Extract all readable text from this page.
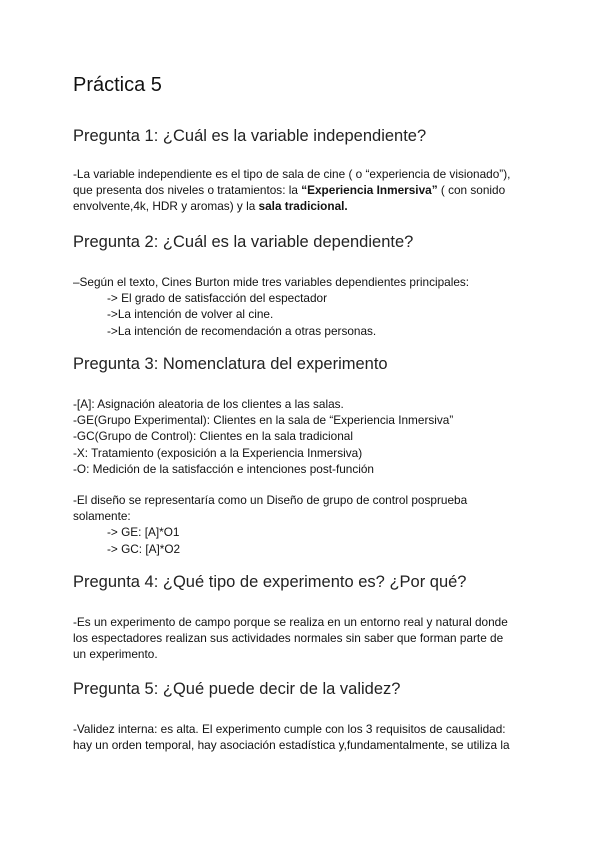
Práctica 5
Pregunta 1: ¿Cuál es la variable independiente?
-La variable independiente es el tipo de sala de cine ( o “experiencia de visionado”),
que presenta dos niveles o tratamientos: la “Experiencia Inmersiva” ( con sonido
envolvente,4k, HDR y aromas) y la sala tradicional.
Pregunta 2: ¿Cuál es la variable dependiente?
–Según el texto, Cines Burton mide tres variables dependientes principales:
-> El grado de satisfacción del espectador
->La intención de volver al cine.
->La intención de recomendación a otras personas.
Pregunta 3: Nomenclatura del experimento
-[A]: Asignación aleatoria de los clientes a las salas.
-GE(Grupo Experimental): Clientes en la sala de “Experiencia Inmersiva”
-GC(Grupo de Control): Clientes en la sala tradicional
-X: Tratamiento (exposición a la Experiencia Inmersiva)
-O: Medición de la satisfacción e intenciones post-función
-El diseño se representaría como un Diseño de grupo de control posprueba
solamente:
-> GE: [A]*O1
-> GC: [A]*O2
Pregunta 4: ¿Qué tipo de experimento es? ¿Por qué?
-Es un experimento de campo porque se realiza en un entorno real y natural donde
los espectadores realizan sus actividades normales sin saber que forman parte de
un experimento.
Pregunta 5: ¿Qué puede decir de la validez?
-Validez interna: es alta. El experimento cumple con los 3 requisitos de causalidad:
hay un orden temporal, hay asociación estadística y,fundamentalmente, se utiliza la
